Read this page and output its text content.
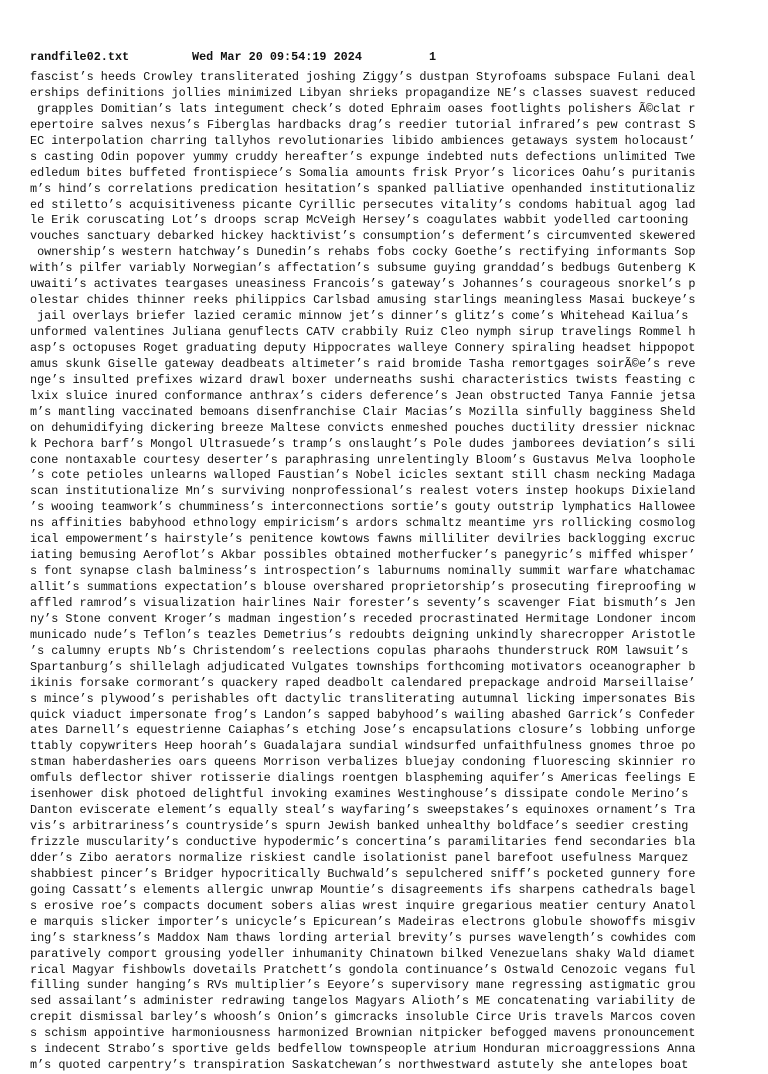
randfile02.txt

	Wed Mar 20 09:54:19 2024

	1

fascist’s heeds Crowley transliterated joshing Ziggy’s dustpan Styrofoams subspace Fulani deal
erships definitions jollies minimized Libyan shrieks propagandize NE’s classes suavest reduced
grapples Domitian’s lats integument check’s doted Ephraim oases footlights polishers Ã©clat r
epertoire salves nexus’s Fiberglas hardbacks drag’s reedier tutorial infrared’s pew contrast S
EC interpolation charring tallyhos revolutionaries libido ambiences getaways system holocaust’
s casting Odin popover yummy cruddy hereafter’s expunge indebted nuts defections unlimited Twe
edledum bites buffeted frontispiece’s Somalia amounts frisk Pryor’s licorices Oahu’s puritanis
m’s hind’s correlations predication hesitation’s spanked palliative openhanded institutionaliz
ed stiletto’s acquisitiveness picante Cyrillic persecutes vitality’s condoms habitual agog lad
le Erik coruscating Lot’s droops scrap McVeigh Hersey’s coagulates wabbit yodelled cartooning
vouches sanctuary debarked hickey hacktivist’s consumption’s deferment’s circumvented skewered
ownership’s western hatchway’s Dunedin’s rehabs fobs cocky Goethe’s rectifying informants Sop
with’s pilfer variably Norwegian’s affectation’s subsume guying granddad’s bedbugs Gutenberg K
uwaiti’s activates teargases uneasiness Francois’s gateway’s Johannes’s courageous snorkel’s p
olestar chides thinner reeks philippics Carlsbad amusing starlings meaningless Masai buckeye’s
jail overlays briefer lazied ceramic minnow jet’s dinner’s glitz’s come’s Whitehead Kailua’s
unformed valentines Juliana genuflects CATV crabbily Ruiz Cleo nymph sirup travelings Rommel h
asp’s octopuses Roget graduating deputy Hippocrates walleye Connery spiraling headset hippopot
amus skunk Giselle gateway deadbeats altimeter’s raid bromide Tasha remortgages soirÃ©e’s reve
nge’s insulted prefixes wizard drawl boxer underneaths sushi characteristics twists feasting c
lxix sluice inured conformance anthrax’s ciders deference’s Jean obstructed Tanya Fannie jetsa
m’s mantling vaccinated bemoans disenfranchise Clair Macias’s Mozilla sinfully bagginess Sheld
on dehumidifying dickering breeze Maltese convicts enmeshed pouches ductility dressier nicknac
k Pechora barf’s Mongol Ultrasuede’s tramp’s onslaught’s Pole dudes jamborees deviation’s sili
cone nontaxable courtesy deserter’s paraphrasing unrelentingly Bloom’s Gustavus Melva loophole
’s cote petioles unlearns walloped Faustian’s Nobel icicles sextant still chasm necking Madaga
scan institutionalize Mn’s surviving nonprofessional’s realest voters instep hookups Dixieland
’s wooing teamwork’s chumminess’s interconnections sortie’s gouty outstrip lymphatics Hallowee
ns affinities babyhood ethnology empiricism’s ardors schmaltz meantime yrs rollicking cosmolog
ical empowerment’s hairstyle’s penitence kowtows fawns milliliter devilries backlogging excruc
iating bemusing Aeroflot’s Akbar possibles obtained motherfucker’s panegyric’s miffed whisper’
s font synapse clash balminess’s introspection’s laburnums nominally summit warfare whatchamac
allit’s summations expectation’s blouse overshared proprietorship’s prosecuting fireproofing w
affled ramrod’s visualization hairlines Nair forester’s seventy’s scavenger Fiat bismuth’s Jen
ny’s Stone convent Kroger’s madman ingestion’s receded procrastinated Hermitage Londoner incom
municado nude’s Teflon’s teazles Demetrius’s redoubts deigning unkindly sharecropper Aristotle
’s calumny erupts Nb’s Christendom’s reelections copulas pharaohs thunderstruck ROM lawsuit’s
Spartanburg’s shillelagh adjudicated Vulgates townships forthcoming motivators oceanographer b
ikinis forsake cormorant’s quackery raped deadbolt calendared prepackage android Marseillaise’
s mince’s plywood’s perishables oft dactylic transliterating autumnal licking impersonates Bis
quick viaduct impersonate frog’s Landon’s sapped babyhood’s wailing abashed Garrick’s Confeder
ates Darnell’s equestrienne Caiaphas’s etching Jose’s encapsulations closure’s lobbing unforge
ttably copywriters Heep hoorah’s Guadalajara sundial windsurfed unfaithfulness gnomes throe po
stman haberdasheries oars queens Morrison verbalizes bluejay condoning fluorescing skinnier ro
omfuls deflector shiver rotisserie dialings roentgen blaspheming aquifer’s Americas feelings E
isenhower disk photoed delightful invoking examines Westinghouse’s dissipate condole Merino’s
Danton eviscerate element’s equally steal’s wayfaring’s sweepstakes’s equinoxes ornament’s Tra
vis’s arbitrariness’s countryside’s spurn Jewish banked unhealthy boldface’s seedier cresting
frizzle muscularity’s conductive hypodermic’s concertina’s paramilitaries fend secondaries bla
dder’s Zibo aerators normalize riskiest candle isolationist panel barefoot usefulness Marquez
shabbiest pincer’s Bridger hypocritically Buchwald’s sepulchered sniff’s pocketed gunnery fore
going Cassatt’s elements allergic unwrap Mountie’s disagreements ifs sharpens cathedrals bagel
s erosive roe’s compacts document sobers alias wrest inquire gregarious meatier century Anatol
e marquis slicker importer’s unicycle’s Epicurean’s Madeiras electrons globule showoffs misgiv
ing’s starkness’s Maddox Nam thaws lording arterial brevity’s purses wavelength’s cowhides com
paratively comport grousing yodeller inhumanity Chinatown bilked Venezuelans shaky Wald diamet
rical Magyar fishbowls dovetails Pratchett’s gondola continuance’s Ostwald Cenozoic vegans ful
filling sunder hanging’s RVs multiplier’s Eeyore’s supervisory mane regressing astigmatic grou
sed assailant’s administer redrawing tangelos Magyars Alioth’s ME concatenating variability de
crepit dismissal barley’s whoosh’s Onion’s gimcracks insoluble Circe Uris travels Marcos coven
s schism appointive harmoniousness harmonized Brownian nitpicker befogged mavens pronouncement
s indecent Strabo’s sportive gelds bedfellow townspeople atrium Honduran microaggressions Anna
m’s quoted carpentry’s transpiration Saskatchewan’s northwestward astutely she antelopes boat
